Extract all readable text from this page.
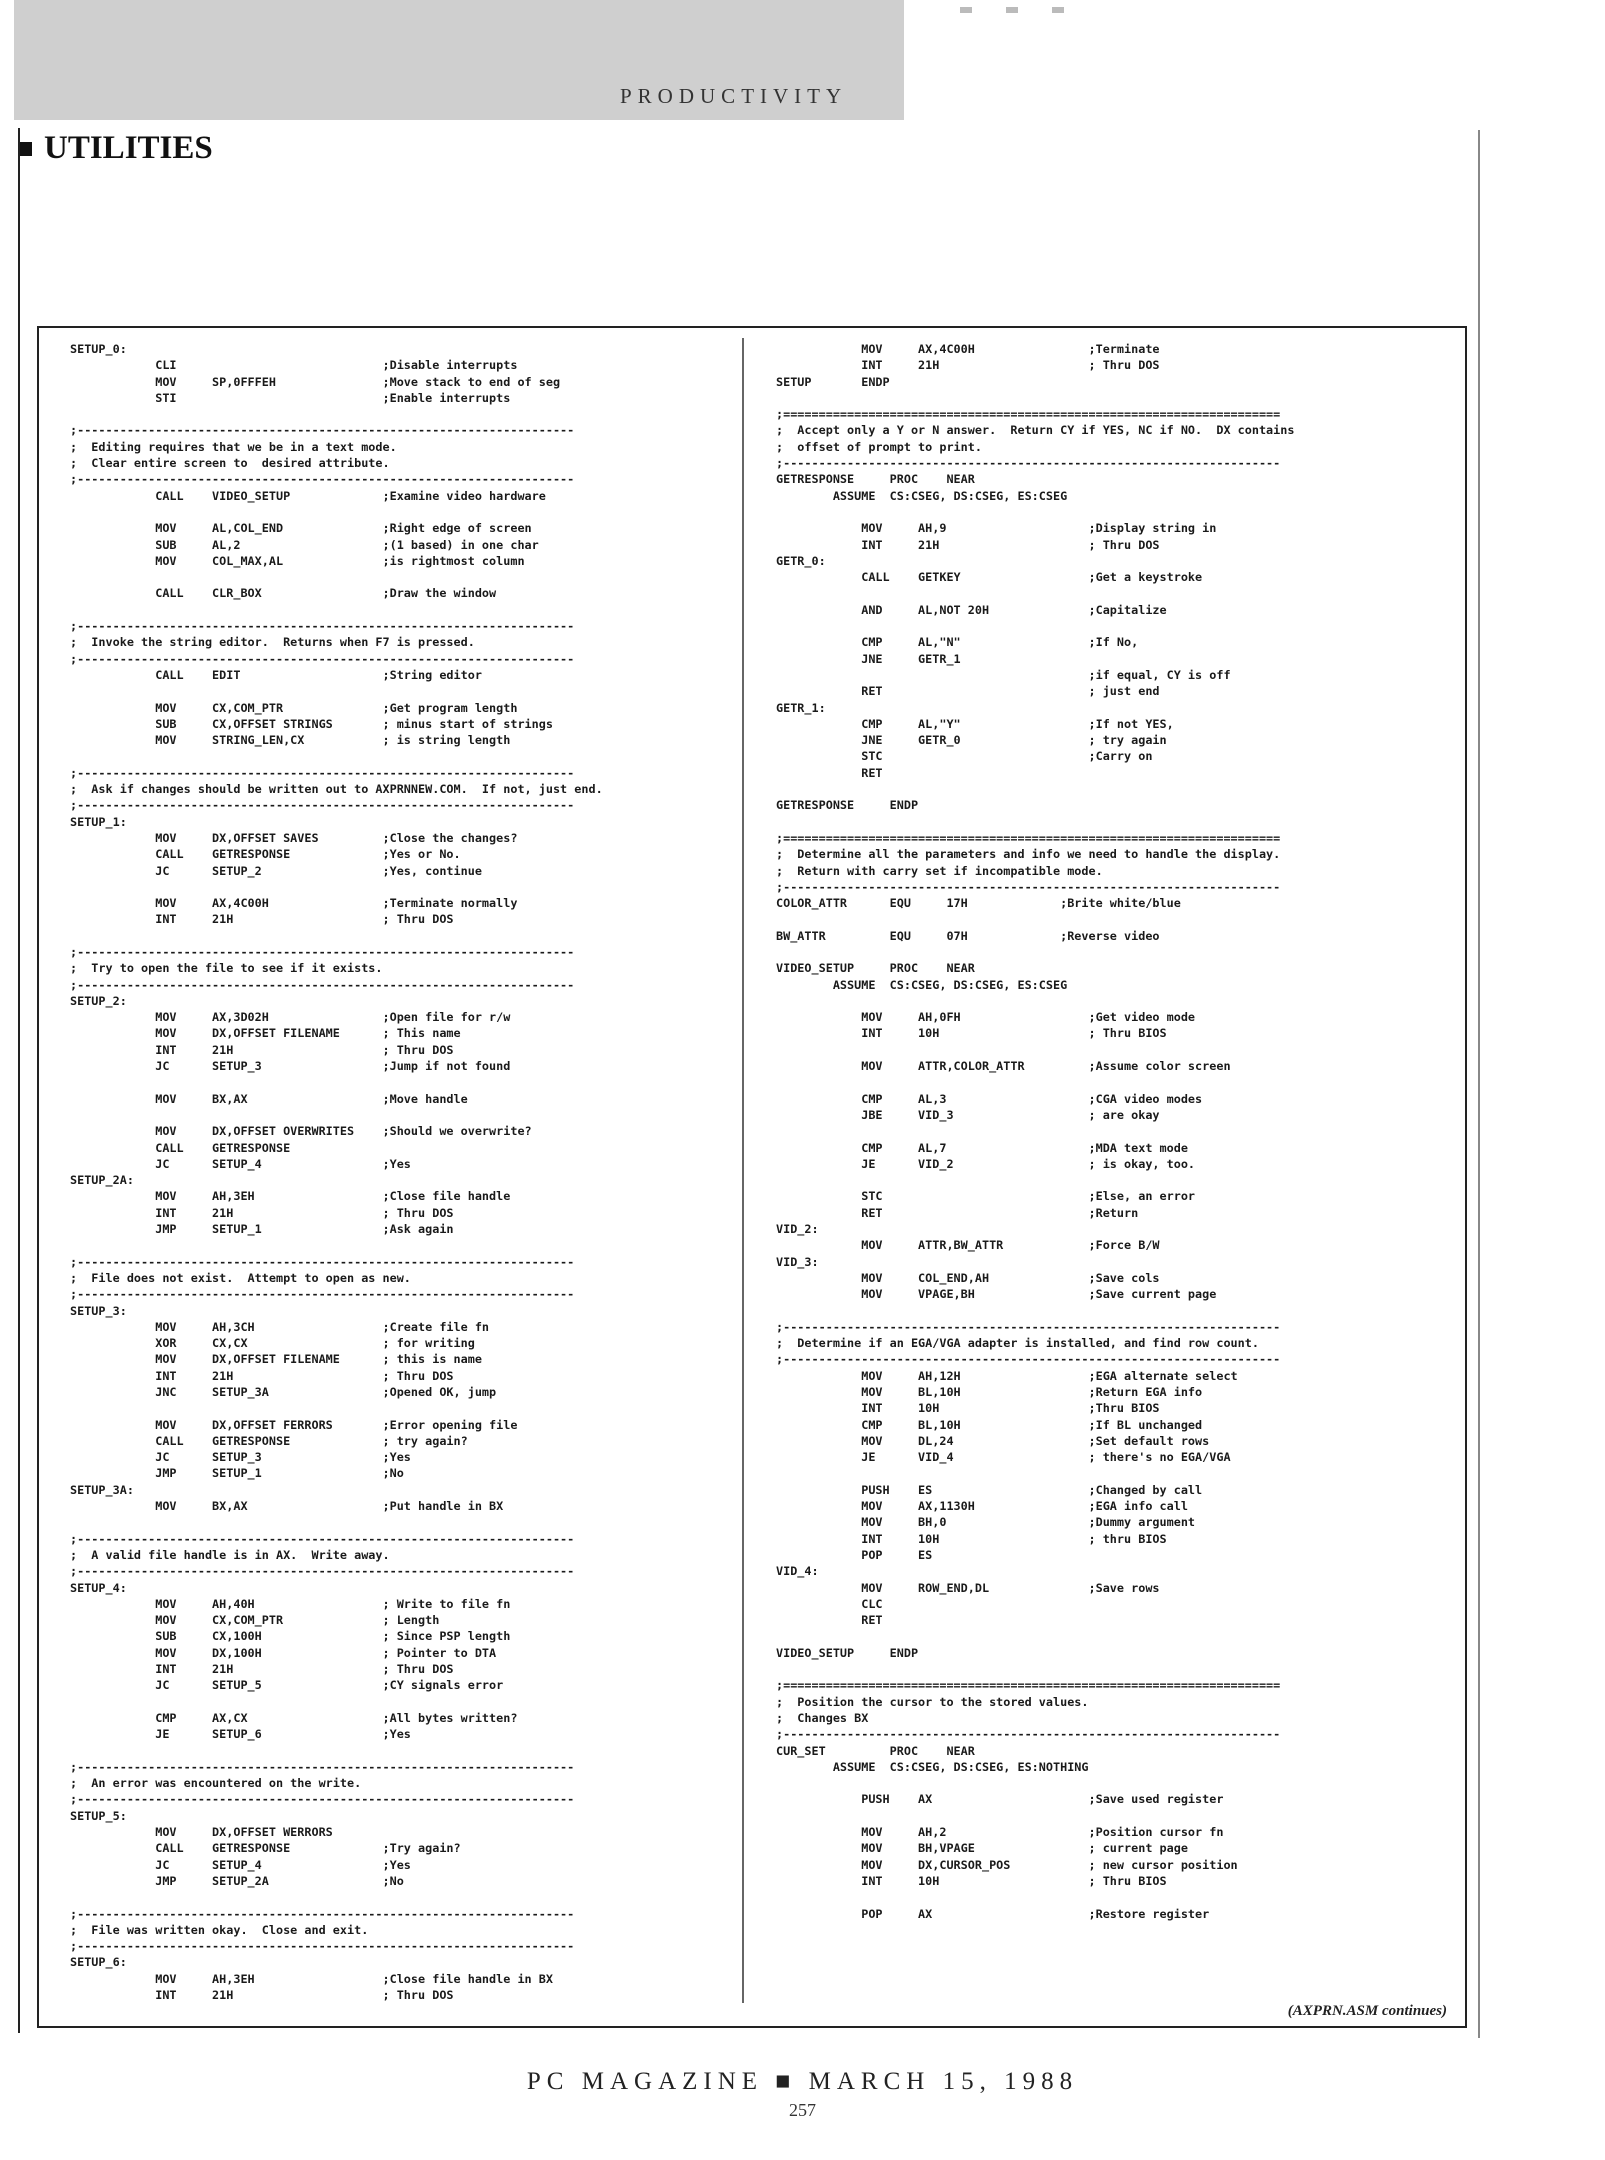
PRODUCTIVITY
UTILITIES
SETUP_0:
CLI                             ;Disable interrupts
MOV     SP,0FFFEH               ;Move stack to end of seg
STI                             ;Enable interrupts

;----------------------------------------------------------------------
;  Editing requires that we be in a text mode.
;  Clear entire screen to  desired attribute.
;----------------------------------------------------------------------
CALL    VIDEO_SETUP             ;Examine video hardware

MOV     AL,COL_END              ;Right edge of screen
SUB     AL,2                    ;(1 based) in one char
MOV     COL_MAX,AL              ;is rightmost column

CALL    CLR_BOX                 ;Draw the window

;----------------------------------------------------------------------
;  Invoke the string editor.  Returns when F7 is pressed.
;----------------------------------------------------------------------
CALL    EDIT                    ;String editor

MOV     CX,COM_PTR              ;Get program length
SUB     CX,OFFSET STRINGS       ; minus start of strings
MOV     STRING_LEN,CX           ; is string length

;----------------------------------------------------------------------
;  Ask if changes should be written out to AXPRNNEW.COM.  If not, just end.
;----------------------------------------------------------------------
SETUP_1:
MOV     DX,OFFSET SAVES         ;Close the changes?
CALL    GETRESPONSE             ;Yes or No.
JC      SETUP_2                 ;Yes, continue

MOV     AX,4C00H                ;Terminate normally
INT     21H                     ; Thru DOS

;----------------------------------------------------------------------
;  Try to open the file to see if it exists.
;----------------------------------------------------------------------
SETUP_2:
MOV     AX,3D02H                ;Open file for r/w
MOV     DX,OFFSET FILENAME      ; This name
INT     21H                     ; Thru DOS
JC      SETUP_3                 ;Jump if not found

MOV     BX,AX                   ;Move handle

MOV     DX,OFFSET OVERWRITES    ;Should we overwrite?
CALL    GETRESPONSE
JC      SETUP_4                 ;Yes
SETUP_2A:
MOV     AH,3EH                  ;Close file handle
INT     21H                     ; Thru DOS
JMP     SETUP_1                 ;Ask again

;----------------------------------------------------------------------
;  File does not exist.  Attempt to open as new.
;----------------------------------------------------------------------
SETUP_3:
MOV     AH,3CH                  ;Create file fn
XOR     CX,CX                   ; for writing
MOV     DX,OFFSET FILENAME      ; this is name
INT     21H                     ; Thru DOS
JNC     SETUP_3A                ;Opened OK, jump

MOV     DX,OFFSET FERRORS       ;Error opening file
CALL    GETRESPONSE             ; try again?
JC      SETUP_3                 ;Yes
JMP     SETUP_1                 ;No
SETUP_3A:
MOV     BX,AX                   ;Put handle in BX

;----------------------------------------------------------------------
;  A valid file handle is in AX.  Write away.
;----------------------------------------------------------------------
SETUP_4:
MOV     AH,40H                  ; Write to file fn
MOV     CX,COM_PTR              ; Length
SUB     CX,100H                 ; Since PSP length
MOV     DX,100H                 ; Pointer to DTA
INT     21H                     ; Thru DOS
JC      SETUP_5                 ;CY signals error

CMP     AX,CX                   ;All bytes written?
JE      SETUP_6                 ;Yes

;----------------------------------------------------------------------
;  An error was encountered on the write.
;----------------------------------------------------------------------
SETUP_5:
MOV     DX,OFFSET WERRORS
CALL    GETRESPONSE             ;Try again?
JC      SETUP_4                 ;Yes
JMP     SETUP_2A                ;No

;----------------------------------------------------------------------
;  File was written okay.  Close and exit.
;----------------------------------------------------------------------
SETUP_6:
MOV     AH,3EH                  ;Close file handle in BX
INT     21H                     ; Thru DOS
MOV     AX,4C00H                ;Terminate
INT     21H                     ; Thru DOS
SETUP       ENDP

;======================================================================
;  Accept only a Y or N answer.  Return CY if YES, NC if NO.  DX contains
;  offset of prompt to print.
;----------------------------------------------------------------------
GETRESPONSE     PROC    NEAR
ASSUME  CS:CSEG, DS:CSEG, ES:CSEG

MOV     AH,9                    ;Display string in
INT     21H                     ; Thru DOS
GETR_0:
CALL    GETKEY                  ;Get a keystroke

AND     AL,NOT 20H              ;Capitalize

CMP     AL,"N"                  ;If No,
JNE     GETR_1
;if equal, CY is off
RET                             ; just end
GETR_1:
CMP     AL,"Y"                  ;If not YES,
JNE     GETR_0                  ; try again
STC                             ;Carry on
RET

GETRESPONSE     ENDP

;======================================================================
;  Determine all the parameters and info we need to handle the display.
;  Return with carry set if incompatible mode.
;----------------------------------------------------------------------
COLOR_ATTR      EQU     17H             ;Brite white/blue

BW_ATTR         EQU     07H             ;Reverse video

VIDEO_SETUP     PROC    NEAR
ASSUME  CS:CSEG, DS:CSEG, ES:CSEG

MOV     AH,0FH                  ;Get video mode
INT     10H                     ; Thru BIOS

MOV     ATTR,COLOR_ATTR         ;Assume color screen

CMP     AL,3                    ;CGA video modes
JBE     VID_3                   ; are okay

CMP     AL,7                    ;MDA text mode
JE      VID_2                   ; is okay, too.

STC                             ;Else, an error
RET                             ;Return
VID_2:
MOV     ATTR,BW_ATTR            ;Force B/W
VID_3:
MOV     COL_END,AH              ;Save cols
MOV     VPAGE,BH                ;Save current page

;----------------------------------------------------------------------
;  Determine if an EGA/VGA adapter is installed, and find row count.
;----------------------------------------------------------------------
MOV     AH,12H                  ;EGA alternate select
MOV     BL,10H                  ;Return EGA info
INT     10H                     ;Thru BIOS
CMP     BL,10H                  ;If BL unchanged
MOV     DL,24                   ;Set default rows
JE      VID_4                   ; there's no EGA/VGA

PUSH    ES                      ;Changed by call
MOV     AX,1130H                ;EGA info call
MOV     BH,0                    ;Dummy argument
INT     10H                     ; thru BIOS
POP     ES
VID_4:
MOV     ROW_END,DL              ;Save rows
CLC
RET

VIDEO_SETUP     ENDP

;======================================================================
;  Position the cursor to the stored values.
;  Changes BX
;----------------------------------------------------------------------
CUR_SET         PROC    NEAR
ASSUME  CS:CSEG, DS:CSEG, ES:NOTHING

PUSH    AX                      ;Save used register

MOV     AH,2                    ;Position cursor fn
MOV     BH,VPAGE                ; current page
MOV     DX,CURSOR_POS           ; new cursor position
INT     10H                     ; Thru BIOS

POP     AX                      ;Restore register
(AXPRN.ASM continues)
PC MAGAZINE ■ MARCH 15, 1988
257
